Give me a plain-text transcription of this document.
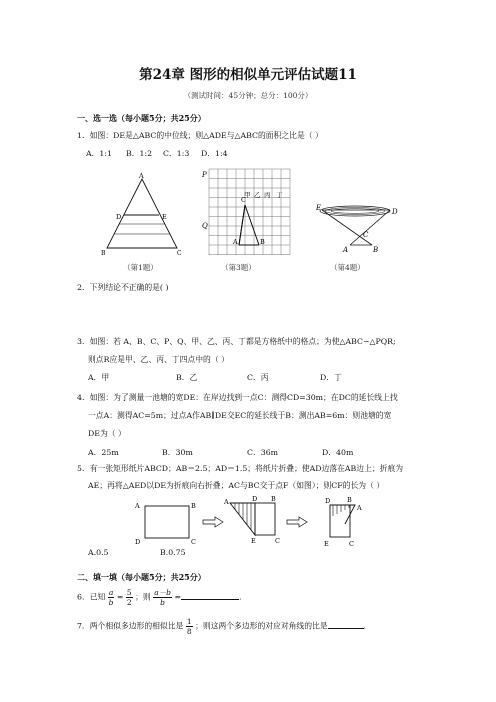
第24章 图形的相似单元评估试题11
（测试时间：45分钟；总分：100分）
一、选一选（每小题5分；共25分）
1．如图：DE是△ABC的中位线；则△ADE与△ABC的面积之比是（ ）
A．1:1 B．1:2 C．1:3 D．1:4
A
D	E
B	C
（第1题）
P
Q
C
A	B
甲 乙 丙 丁
（第3题）
E	D
C
A	B
（第4题）
2．下列结论不正确的是( )
3．如图：若 A、B、C、P、Q、甲、乙、丙、丁都是方格纸中的格点；为使△ABC∽△PQR;
则点R应是甲、乙、丙、丁四点中的（ ）
A．甲	B．乙	C．丙	D．丁
4．如图：为了测量一池塘的宽DE：在岸边找到一点C：测得CD=30m；在DC的延长线上找
一点A：测得AC=5m；过点A作AB∥DE交EC的延长线于B：测出AB=6m：则池塘的宽
DE为（ ）
A．25m	B．30m	C．36m	D．40m
5．有一张矩形纸片ABCD；AB＝2.5；AD＝1.5；将纸片折叠；使AD边落在AB边上；折痕为
AE；再将△AED以DE为折痕向右折叠；AC与BC交于点F（如图）；则CF的长为（ ）
A	B
D	C
A	D B
E	C
D	B
A
E	C
A.0.5	B.0.75
二、填一填（每小题5分；共25分）
6．已知 $\frac{a}{b} = \frac{5}{2}$ ；则 $\frac{a-b}{b}$ =	.
7．两个相似多边形的相似比是 $\frac{1}{8}$ ；则这两个多边形的对应对角线的比是	.
